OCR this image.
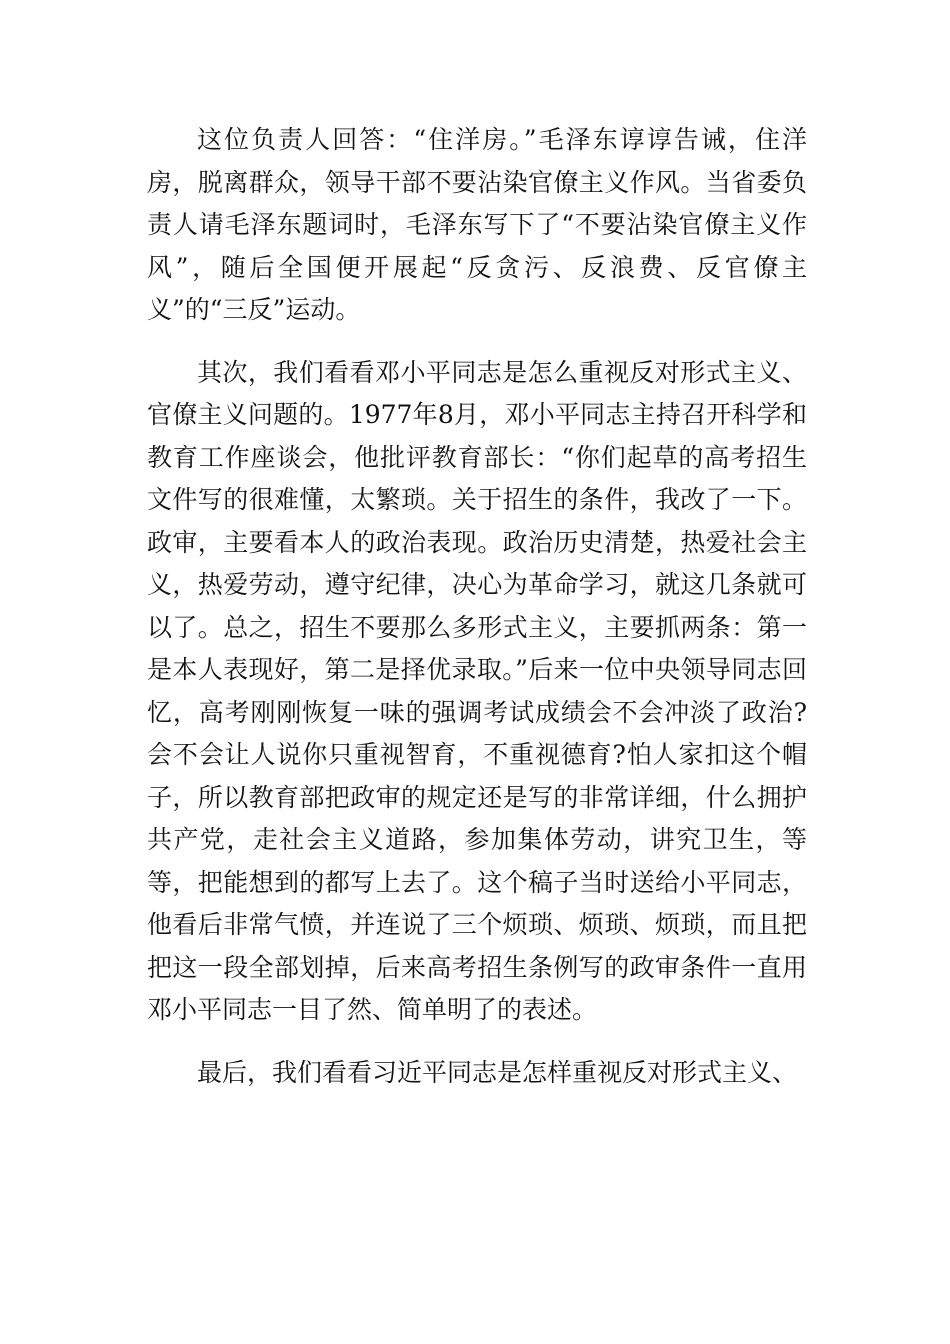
这位负责人回答：“住洋房。”毛泽东谆谆告诫，住洋房，脱离群众，领导干部不要沾染官僚主义作风。当省委负责人请毛泽东题词时，毛泽东写下了“不要沾染官僚主义作风”，随后全国便开展起“反贪污、反浪费、反官僚主义”的“三反”运动。

其次，我们看看邓小平同志是怎么重视反对形式主义、官僚主义问题的。1977年8月，邓小平同志主持召开科学和教育工作座谈会，他批评教育部长：“你们起草的高考招生文件写的很难懂，太繁琐。关于招生的条件，我改了一下。政审，主要看本人的政治表现。政治历史清楚，热爱社会主义，热爱劳动，遵守纪律，决心为革命学习，就这几条就可以了。总之，招生不要那么多形式主义，主要抓两条：第一是本人表现好，第二是择优录取。”后来一位中央领导同志回忆，高考刚刚恢复一味的强调考试成绩会不会冲淡了政治?会不会让人说你只重视智育，不重视德育?怕人家扣这个帽子，所以教育部把政审的规定还是写的非常详细，什么拥护共产党，走社会主义道路，参加集体劳动，讲究卫生，等等，把能想到的都写上去了。这个稿子当时送给小平同志，他看后非常气愤，并连说了三个烦琐、烦琐、烦琐，而且把把这一段全部划掉，后来高考招生条例写的政审条件一直用邓小平同志一目了然、简单明了的表述。

最后，我们看看习近平同志是怎样重视反对形式主义、
